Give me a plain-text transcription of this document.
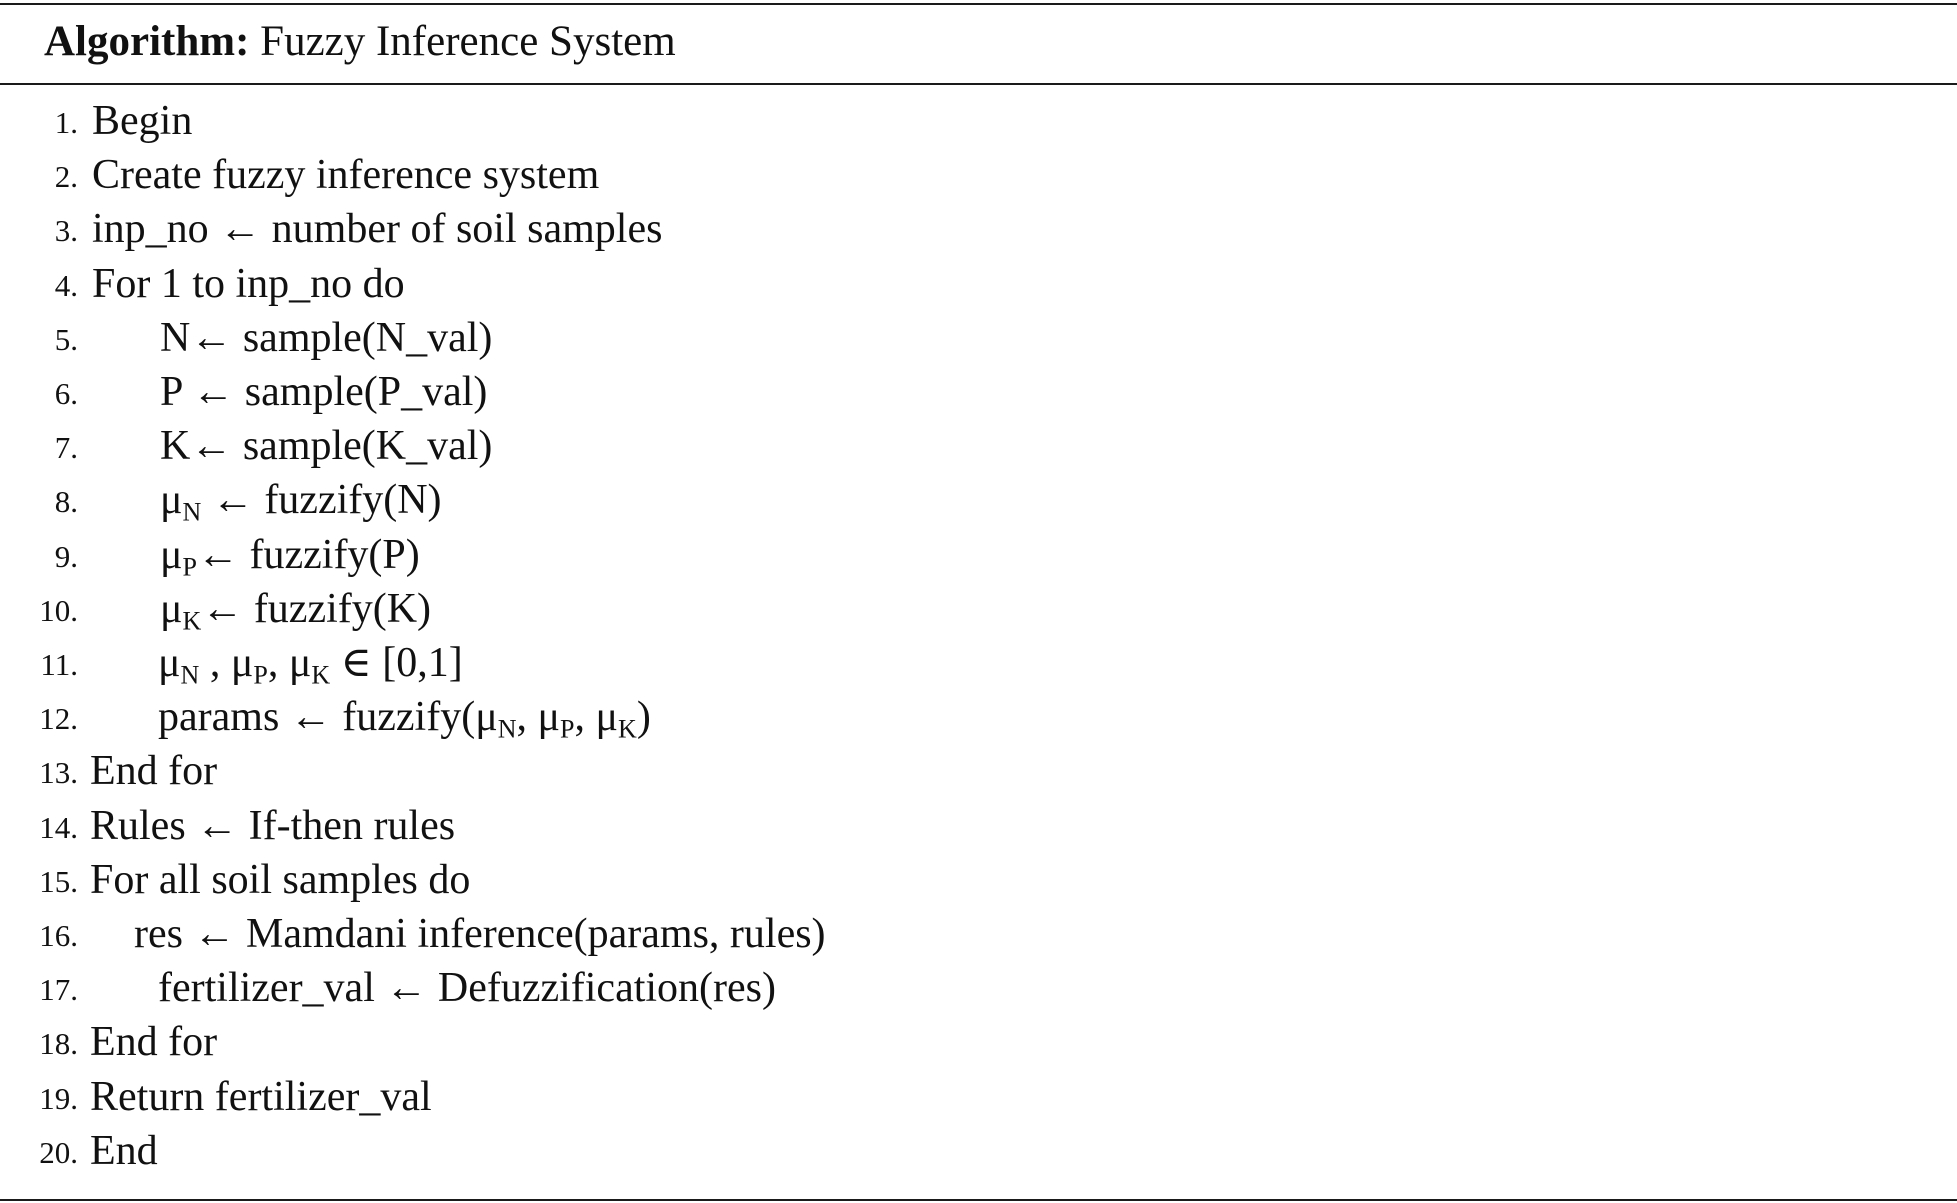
Algorithm: Fuzzy Inference System
1. Begin
2. Create fuzzy inference system
3. inp_no ← number of soil samples
4. For 1 to inp_no do
5. N← sample(N_val)
6. P ← sample(P_val)
7. K← sample(K_val)
8. $\mu_N$ ← fuzzify(N)
9. $\mu_P\leftarrow$ fuzzify(P)
10. $\mu_K\leftarrow$ fuzzify(K)
11. $\mu_N$ , $\mu_P$, $\mu_K$ ∈ [0,1]
12. params ← $fuzzify(\mu_N$, $\mu_P$, $\mu_K$)
13. End for
14. Rules ← If-then rules
15. For all soil samples do
16. res ← Mamdani inference(params, rules)
17. fertilizer_val ← Defuzzification(res)
18. End for
19. Return fertilizer_val
20. End
